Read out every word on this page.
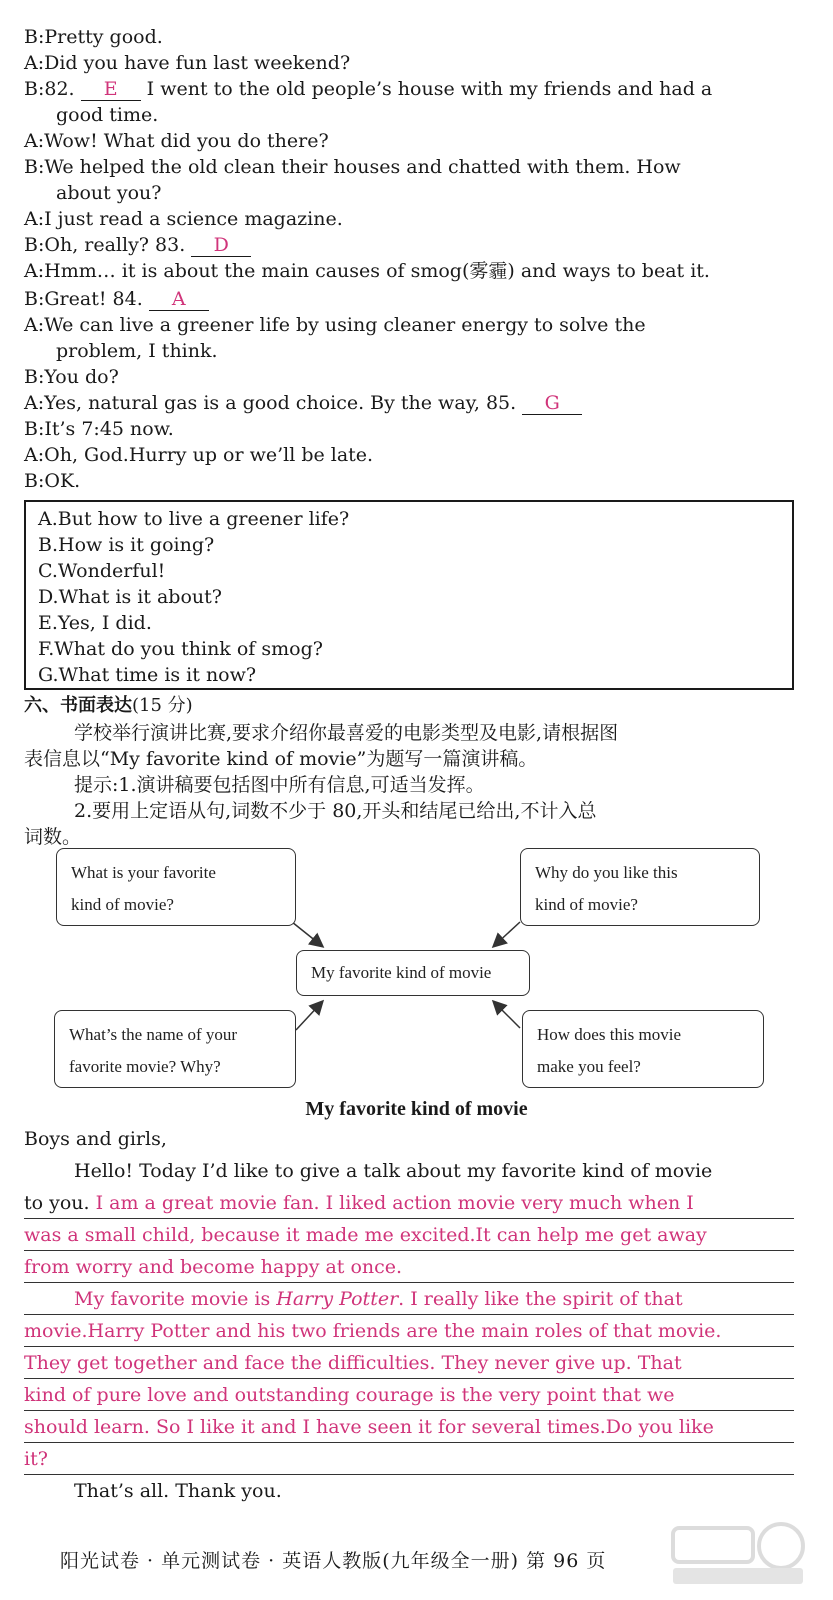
B:Pretty good.
A:Did you have fun last weekend?
B:82. E I went to the old people’s house with my friends and had a
good time.
A:Wow! What did you do there?
B:We helped the old clean their houses and chatted with them. How
about you?
A:I just read a science magazine.
B:Oh, really? 83. D
A:Hmm… it is about the main causes of smog(雾霾) and ways to beat it.
B:Great! 84. A
A:We can live a greener life by using cleaner energy to solve the
problem, I think.
B:You do?
A:Yes, natural gas is a good choice. By the way, 85. G
B:It’s 7:45 now.
A:Oh, God.Hurry up or we’ll be late.
B:OK.
A.But how to live a greener life?
B.How is it going?
C.Wonderful!
D.What is it about?
E.Yes, I did.
F.What do you think of smog?
G.What time is it now?
六、书面表达(15 分)
学校举行演讲比赛,要求介绍你最喜爱的电影类型及电影,请根据图
表信息以“My favorite kind of movie”为题写一篇演讲稿。
提示:1.演讲稿要包括图中所有信息,可适当发挥。
2.要用上定语从句,词数不少于 80,开头和结尾已给出,不计入总
词数。
What is your favorite
kind of movie?
Why do you like this
kind of movie?
My favorite kind of movie
What’s the name of your
favorite movie? Why?
How does this movie
make you feel?
My favorite kind of movie
Boys and girls,
Hello! Today I’d like to give a talk about my favorite kind of movie
to you. I am a great movie fan. I liked action movie very much when I
was a small child, because it made me excited.It can help me get away
from worry and become happy at once.
My favorite movie is Harry Potter. I really like the spirit of that
movie.Harry Potter and his two friends are the main roles of that movie.
They get together and face the difficulties. They never give up. That
kind of pure love and outstanding courage is the very point that we
should learn. So I like it and I have seen it for several times.Do you like
it?
That’s all. Thank you.
阳光试卷 · 单元测试卷 · 英语人教版(九年级全一册) 第 96 页
